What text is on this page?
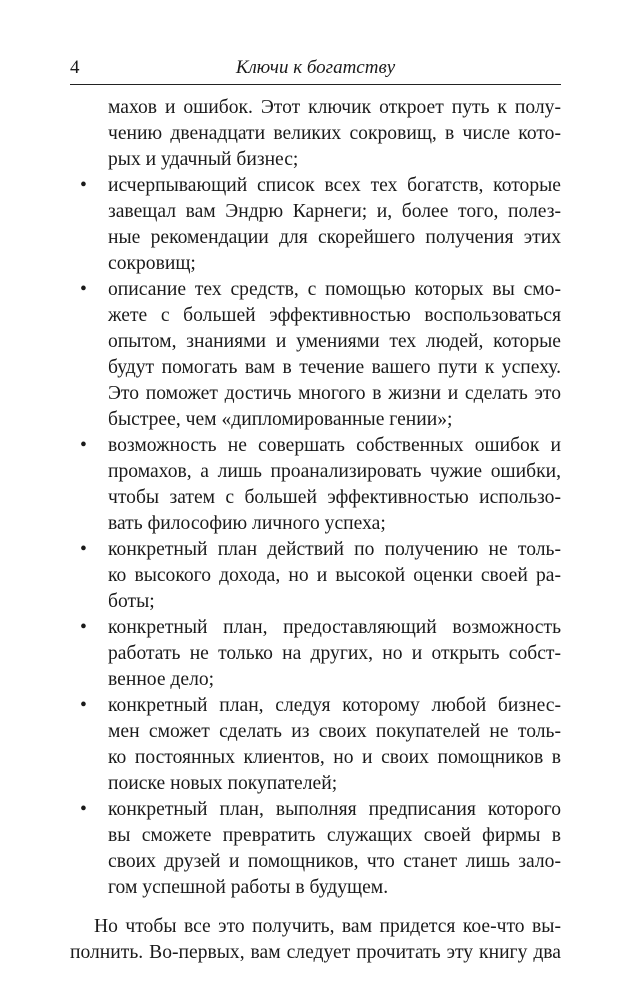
4	Ключи к богатству
махов и ошибок. Этот ключик откроет путь к полу-
чению двенадцати великих сокровищ, в числе кото-
рых и удачный бизнес;
• исчерпывающий список всех тех богатств, которые
завещал вам Эндрю Карнеги; и, более того, полез-
ные рекомендации для скорейшего получения этих
сокровищ;
• описание тех средств, с помощью которых вы смо-
жете с большей эффективностью воспользоваться
опытом, знаниями и умениями тех людей, которые
будут помогать вам в течение вашего пути к успеху.
Это поможет достичь многого в жизни и сделать это
быстрее, чем «дипломированные гении»;
• возможность не совершать собственных ошибок и
промахов, а лишь проанализировать чужие ошибки,
чтобы затем с большей эффективностью использо-
вать философию личного успеха;
• конкретный план действий по получению не толь-
ко высокого дохода, но и высокой оценки своей ра-
боты;
• конкретный план, предоставляющий возможность
работать не только на других, но и открыть собст-
венное дело;
• конкретный план, следуя которому любой бизнес-
мен сможет сделать из своих покупателей не толь-
ко постоянных клиентов, но и своих помощников в
поиске новых покупателей;
• конкретный план, выполняя предписания которого
вы сможете превратить служащих своей фирмы в
своих друзей и помощников, что станет лишь зало-
гом успешной работы в будущем.
Но чтобы все это получить, вам придется кое-что вы-
полнить. Во-первых, вам следует прочитать эту книгу два
